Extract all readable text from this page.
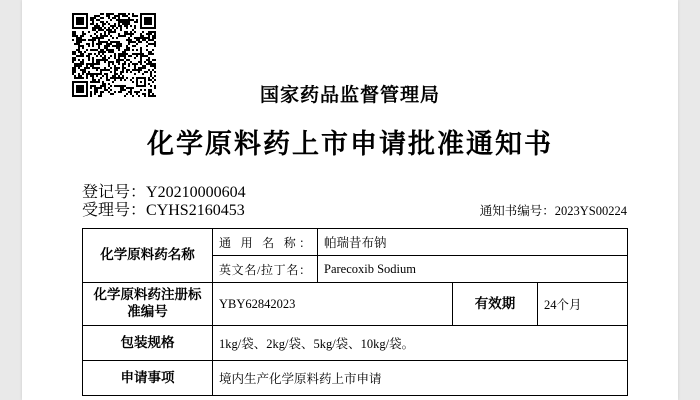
国家药品监督管理局
化学原料药上市申请批准通知书
登记号：Y20210000604
受理号：CYHS2160453	通知书编号：2023YS00224
化学原料药名称	通 用 名 称：	帕瑞昔布钠		
	英文名/拉丁名：	Parecoxib Sodium		
化学原料药注册标准编号	YBY62842023		有效期	24个月
包装规格	1kg/袋、2kg/袋、5kg/袋、10kg/袋。			
申请事项	境内生产化学原料药上市申请			
